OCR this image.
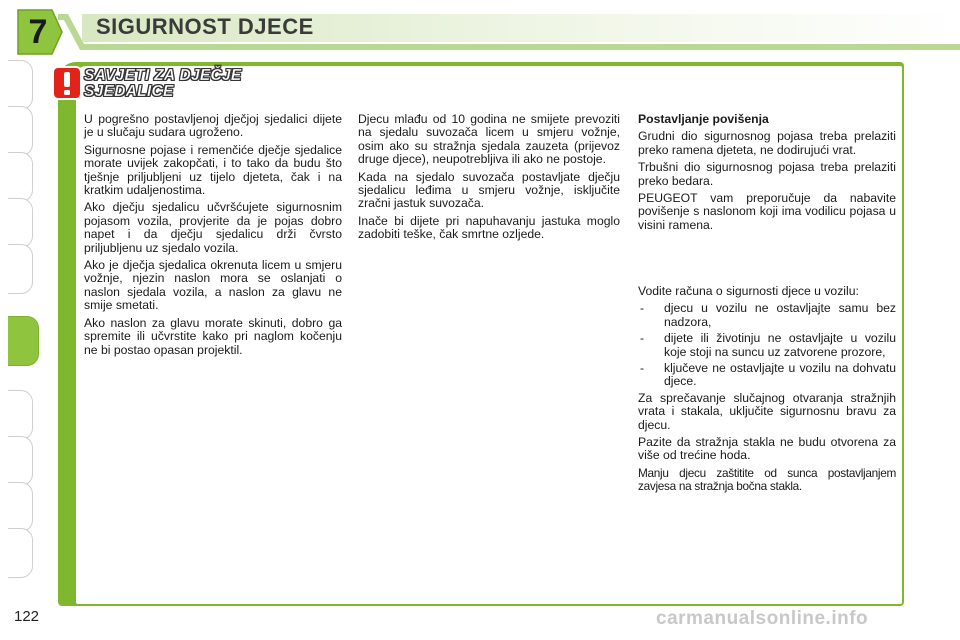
7	SIGURNOST DJECE
SAVJETI ZA DJEČJE
SJEDALICE

U pogrešno postavljenoj dječjoj sjedalici dijete je u slučaju sudara ugroženo.

Sigurnosne pojase i remenčiće dječje sjedalice morate uvijek zakopčati, i to tako da budu što tješnje priljubljeni uz tijelo djeteta, čak i na kratkim udaljenostima.

Ako dječju sjedalicu učvršćujete sigurnosnim pojasom vozila, provjerite da je pojas dobro napet i da dječju sjedalicu drži čvrsto priljubljenu uz sjedalo vozila.

Ako je dječja sjedalica okrenuta licem u smjeru vožnje, njezin naslon mora se oslanjati o naslon sjedala vozila, a naslon za glavu ne smije smetati.

Ako naslon za glavu morate skinuti, dobro ga spremite ili učvrstite kako pri naglom kočenju ne bi postao opasan projektil.

Djecu mlađu od 10 godina ne smijete prevoziti na sjedalu suvozača licem u smjeru vožnje, osim ako su stražnja sjedala zauzeta (prijevoz druge djece), neupotrebljiva ili ako ne postoje.

Kada na sjedalo suvozača postavljate dječju sjedalicu leđima u smjeru vožnje, isključite zračni jastuk suvozača.

Inače bi dijete pri napuhavanju jastuka moglo zadobiti teške, čak smrtne ozljede.

Postavljanje povišenja

Grudni dio sigurnosnog pojasa treba prelaziti preko ramena djeteta, ne dodirujući vrat.

Trbušni dio sigurnosnog pojasa treba prelaziti preko bedara.

PEUGEOT vam preporučuje da nabavite povišenje s naslonom koji ima vodilicu pojasa u visini ramena.

Vodite računa o sigurnosti djece u vozilu:

- djecu u vozilu ne ostavljajte samu bez nadzora,
- dijete ili životinju ne ostavljajte u vozilu koje stoji na suncu uz zatvorene prozore,
- ključeve ne ostavljajte u vozilu na dohvatu djece.

Za sprečavanje slučajnog otvaranja stražnjih vrata i stakala, uključite sigurnosnu bravu za djecu.

Pazite da stražnja stakla ne budu otvorena za više od trećine hoda.

Manju djecu zaštitite od sunca postavljanjem zavjesa na stražnja bočna stakla.

122	carmanualsonline.info
